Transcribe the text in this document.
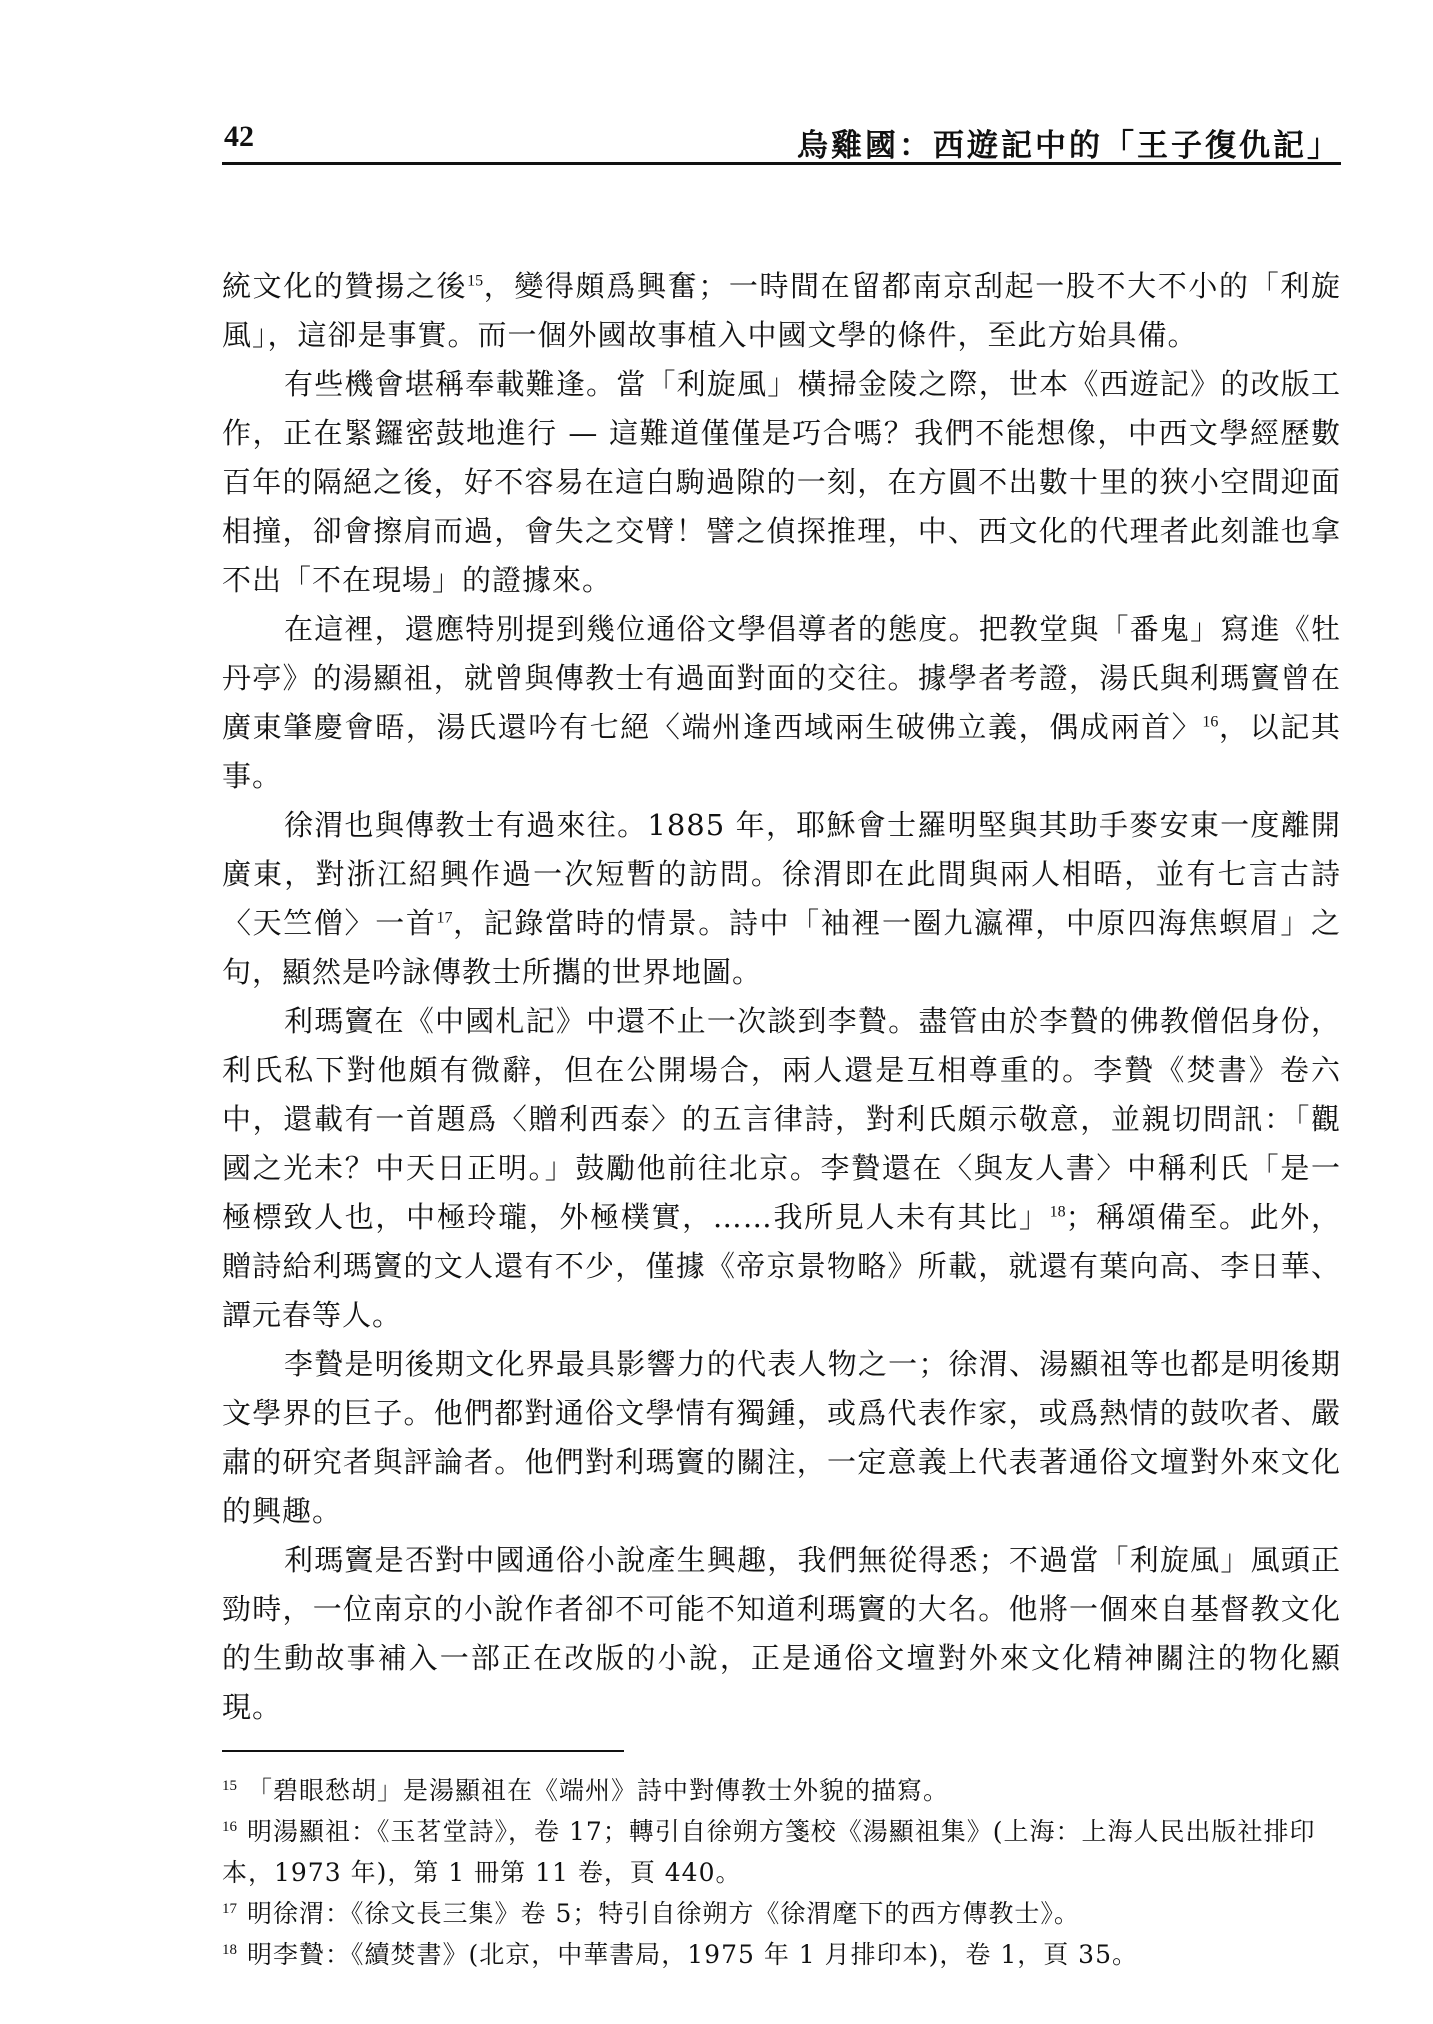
42	烏雞國：西遊記中的「王子復仇記」

統文化的贊揚之後$^{15}$，變得頗爲興奮；一時間在留都南京刮起一股不大不小的「利旋風」，這卻是事實。而一個外國故事植入中國文學的條件，至此方始具備。

有些機會堪稱奉載難逢。當「利旋風」橫掃金陵之際，世本《西遊記》的改版工作，正在緊鑼密鼓地進行 — 這難道僅僅是巧合嗎？我們不能想像，中西文學經歷數百年的隔絕之後，好不容易在這白駒過隙的一刻，在方圓不出數十里的狹小空間迎面相撞，卻會擦肩而過，會失之交臂！譬之偵探推理，中、西文化的代理者此刻誰也拿不出「不在現場」的證據來。

在這裡，還應特別提到幾位通俗文學倡導者的態度。把教堂與「番鬼」寫進《牡丹亭》的湯顯祖，就曾與傳教士有過面對面的交往。據學者考證，湯氏與利瑪竇曾在廣東肇慶會晤，湯氏還吟有七絕〈端州逢西域兩生破佛立義，偶成兩首〉$^{16}$，以記其事。

徐渭也與傳教士有過來往。1885 年，耶穌會士羅明堅與其助手麥安東一度離開廣東，對浙江紹興作過一次短暫的訪問。徐渭即在此間與兩人相晤，並有七言古詩〈天竺僧〉一首$^{17}$，記錄當時的情景。詩中「袖裡一圈九瀛禪，中原四海焦螟眉」之句，顯然是吟詠傳教士所攜的世界地圖。

利瑪竇在《中國札記》中還不止一次談到李贄。盡管由於李贄的佛教僧侶身份，利氏私下對他頗有微辭，但在公開場合，兩人還是互相尊重的。李贄《焚書》卷六中，還載有一首題爲〈贈利西泰〉的五言律詩，對利氏頗示敬意，並親切問訊：「觀國之光未？中天日正明。」鼓勵他前往北京。李贄還在〈與友人書〉中稱利氏「是一極標致人也，中極玲瓏，外極樸實，……我所見人未有其比」$^{18}$；稱頌備至。此外，贈詩給利瑪竇的文人還有不少，僅據《帝京景物略》所載，就還有葉向高、李日華、譚元春等人。

李贄是明後期文化界最具影響力的代表人物之一；徐渭、湯顯祖等也都是明後期文學界的巨子。他們都對通俗文學情有獨鍾，或爲代表作家，或爲熱情的鼓吹者、嚴肅的研究者與評論者。他們對利瑪竇的關注，一定意義上代表著通俗文壇對外來文化的興趣。

利瑪竇是否對中國通俗小說產生興趣，我們無從得悉；不過當「利旋風」風頭正勁時，一位南京的小說作者卻不可能不知道利瑪竇的大名。他將一個來自基督教文化的生動故事補入一部正在改版的小說，正是通俗文壇對外來文化精神關注的物化顯現。

$^{15}$ 「碧眼愁胡」是湯顯祖在《端州》詩中對傳教士外貌的描寫。

$^{16}$ 明湯顯祖：《玉茗堂詩》，卷 17；轉引自徐朔方箋校《湯顯祖集》(上海：上海人民出版社排印本，1973 年)，第 1 冊第 11 卷，頁 440。

$^{17}$ 明徐渭：《徐文長三集》卷 5；特引自徐朔方《徐渭麾下的西方傳教士》。

$^{18}$ 明李贄：《續焚書》(北京，中華書局，1975 年 1 月排印本)，卷 1，頁 35。
